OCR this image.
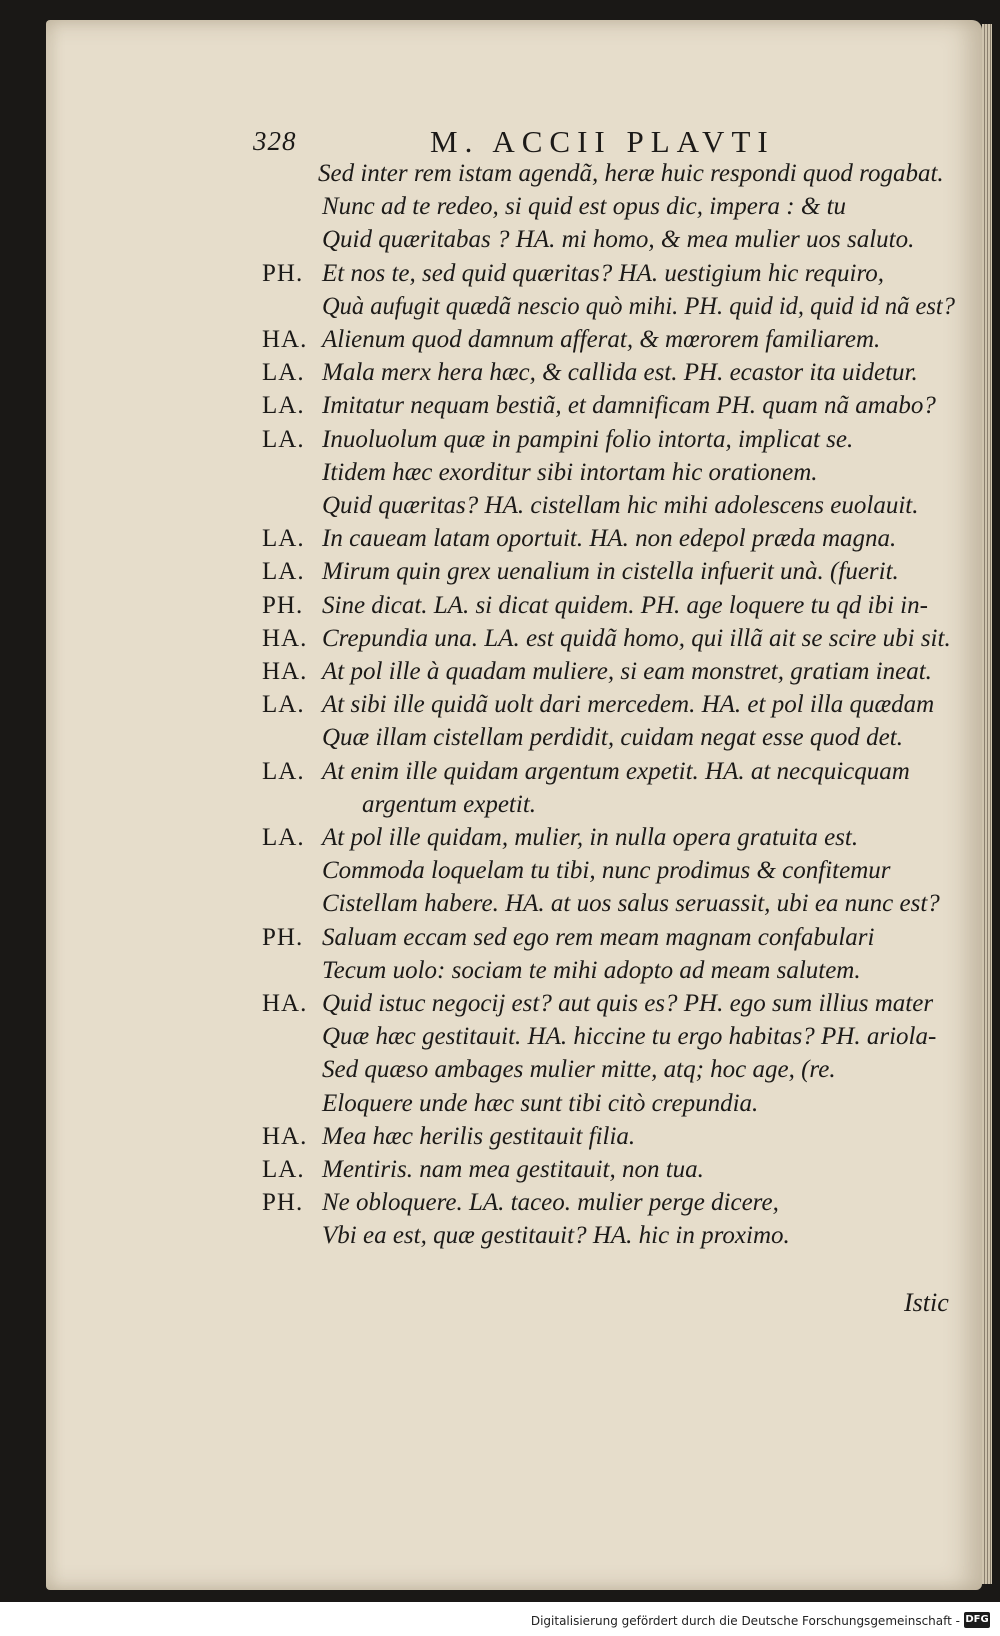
328	M. ACCII PLAVTI
Sed inter rem istam agendã, heræ huic respondi quod rogabat.
Nunc ad te redeo, si quid est opus dic, impera : & tu
Quid quæritabas ? HA. mi homo, & mea mulier uos saluto.
PH. Et nos te, sed quid quæritas? HA. uestigium hic requiro,
Quà aufugit quædã nescio quò mihi. PH. quid id, quid id nã est?
HA. Alienum quod damnum afferat, & mœrorem familiarem.
LA. Mala merx hera hæc, & callida est. PH. ecastor ita uidetur.
LA. Imitatur nequam bestiã, et damnificam PH. quam nã amabo?
LA. Inuoluolum quæ in pampini folio intorta, implicat se.
Itidem hæc exorditur sibi intortam hic orationem.
Quid quæritas? HA. cistellam hic mihi adolescens euolauit.
LA. In caueam latam oportuit. HA. non edepol præda magna.
LA. Mirum quin grex uenalium in cistella infuerit unà. (fuerit.
PH. Sine dicat. LA. si dicat quidem. PH. age loquere tu qd ibi in-
HA. Crepundia una. LA. est quidã homo, qui illã ait se scire ubi sit.
HA. At pol ille à quadam muliere, si eam monstret, gratiam ineat.
LA. At sibi ille quidã uolt dari mercedem. HA. et pol illa quædam
Quæ illam cistellam perdidit, cuidam negat esse quod det.
LA. At enim ille quidam argentum expetit. HA. at necquicquam
argentum expetit.
LA. At pol ille quidam, mulier, in nulla opera gratuita est.
Commoda loquelam tu tibi, nunc prodimus & confitemur
Cistellam habere. HA. at uos salus seruassit, ubi ea nunc est?
PH. Saluam eccam sed ego rem meam magnam confabulari
Tecum uolo: sociam te mihi adopto ad meam salutem.
HA. Quid istuc negocij est? aut quis es? PH. ego sum illius mater
Quæ hæc gestitauit. HA. hiccine tu ergo habitas? PH. ariola-
Sed quæso ambages mulier mitte, atq; hoc age, (re.
Eloquere unde hæc sunt tibi citò crepundia.
HA. Mea hæc herilis gestitauit filia.
LA. Mentiris. nam mea gestitauit, non tua.
PH. Ne obloquere. LA. taceo. mulier perge dicere,
Vbi ea est, quæ gestitauit? HA. hic in proximo.
Istic
Digitalisierung gefördert durch die Deutsche Forschungsgemeinschaft - DFG
